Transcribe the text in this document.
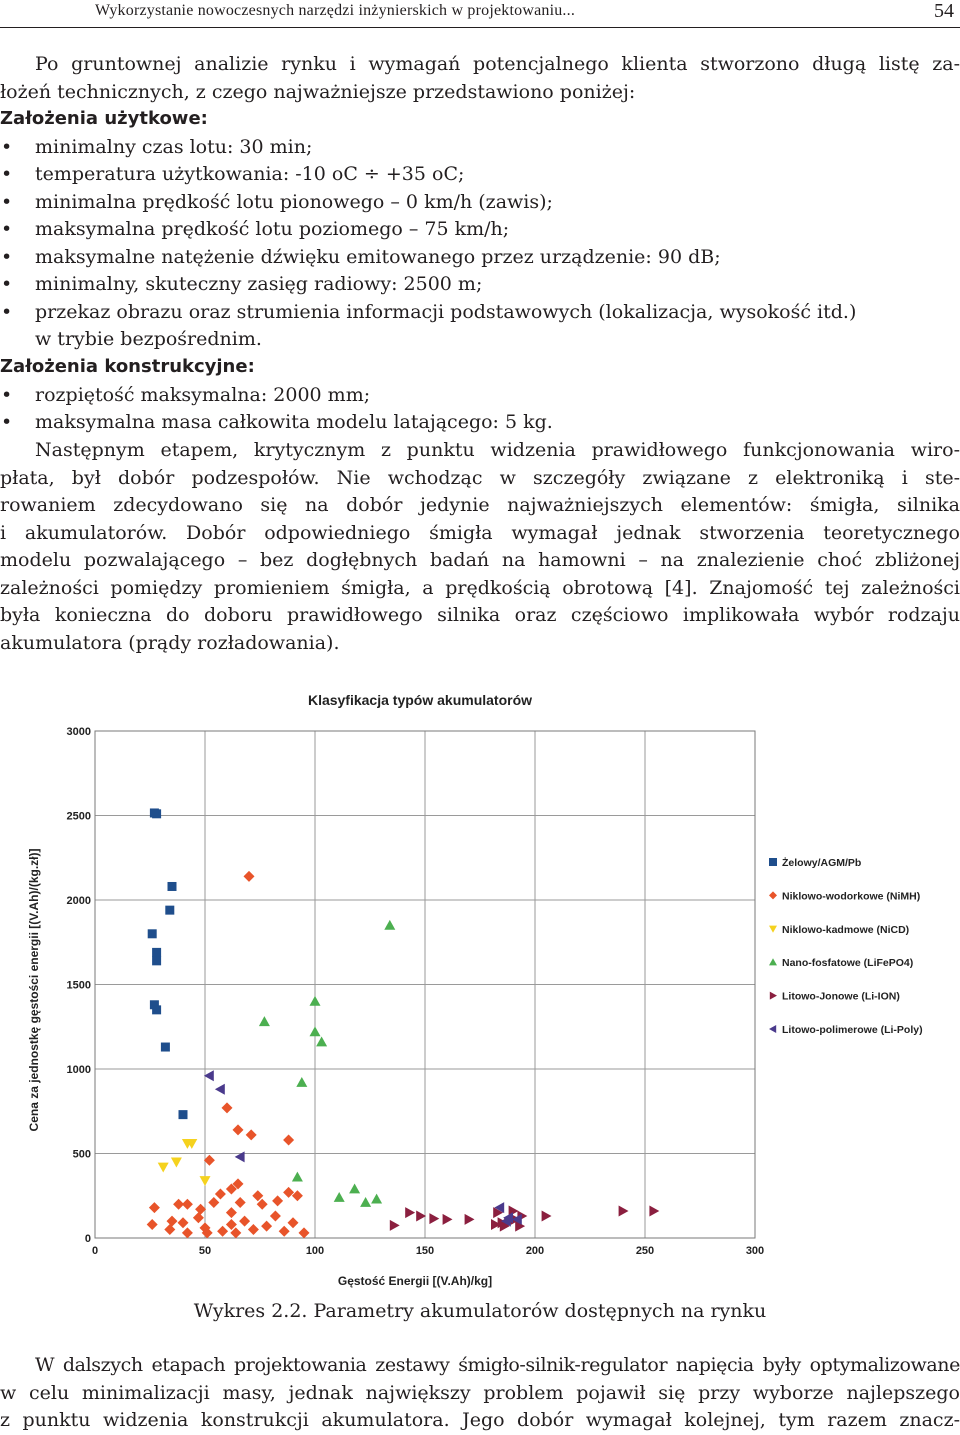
Wykorzystanie nowoczesnych narzędzi inżynierskich w projektowaniu...	54
Po gruntownej analizie rynku i wymagań potencjalnego klienta stworzono długą listę za-
łożeń technicznych, z czego najważniejsze przedstawiono poniżej:
Założenia użytkowe:
• minimalny czas lotu: 30 min;
• temperatura użytkowania: -10 oC ÷ +35 oC;
• minimalna prędkość lotu pionowego – 0 km/h (zawis);
• maksymalna prędkość lotu poziomego – 75 km/h;
• maksymalne natężenie dźwięku emitowanego przez urządzenie: 90 dB;
• minimalny, skuteczny zasięg radiowy: 2500 m;
• przekaz obrazu oraz strumienia informacji podstawowych (lokalizacja, wysokość itd.)
w trybie bezpośrednim.
Założenia konstrukcyjne:
• rozpiętość maksymalna: 2000 mm;
• maksymalna masa całkowita modelu latającego: 5 kg.
Następnym etapem, krytycznym z punktu widzenia prawidłowego funkcjonowania wiro-
płata, był dobór podzespołów. Nie wchodząc w szczegóły związane z elektroniką i ste-
rowaniem zdecydowano się na dobór jedynie najważniejszych elementów: śmigła, silnika
i akumulatorów. Dobór odpowiedniego śmigła wymagał jednak stworzenia teoretycznego
modelu pozwalającego – bez dogłębnych badań na hamowni – na znalezienie choć zbliżonej
zależności pomiędzy promieniem śmigła, a prędkością obrotową [4]. Znajomość tej zależności
była konieczna do doboru prawidłowego silnika oraz częściowo implikowała wybór rodzaju
akumulatora (prądy rozładowania).
0	50	100	150	200	250	300
0
500
1000
1500
2000
2500
3000
Klasyfikacja typów akumulatorów
Gęstość Energii [(V.Ah)/kg]
Cena za jednostkę gęstości energii [(V.Ah)/(kg.zł)]	Żelowy/AGM/Pb
Niklowo-wodorkowe (NiMH)
Niklowo-kadmowe (NiCD)
Nano-fosfatowe (LiFePO4)
Litowo-Jonowe (Li-ION)
Litowo-polimerowe (Li-Poly)
Wykres 2.2. Parametry akumulatorów dostępnych na rynku
W dalszych etapach projektowania zestawy śmigło-silnik-regulator napięcia były optymalizowane
w celu minimalizacji masy, jednak największy problem pojawił się przy wyborze najlepszego
z punktu widzenia konstrukcji akumulatora. Jego dobór wymagał kolejnej, tym razem znacz-
